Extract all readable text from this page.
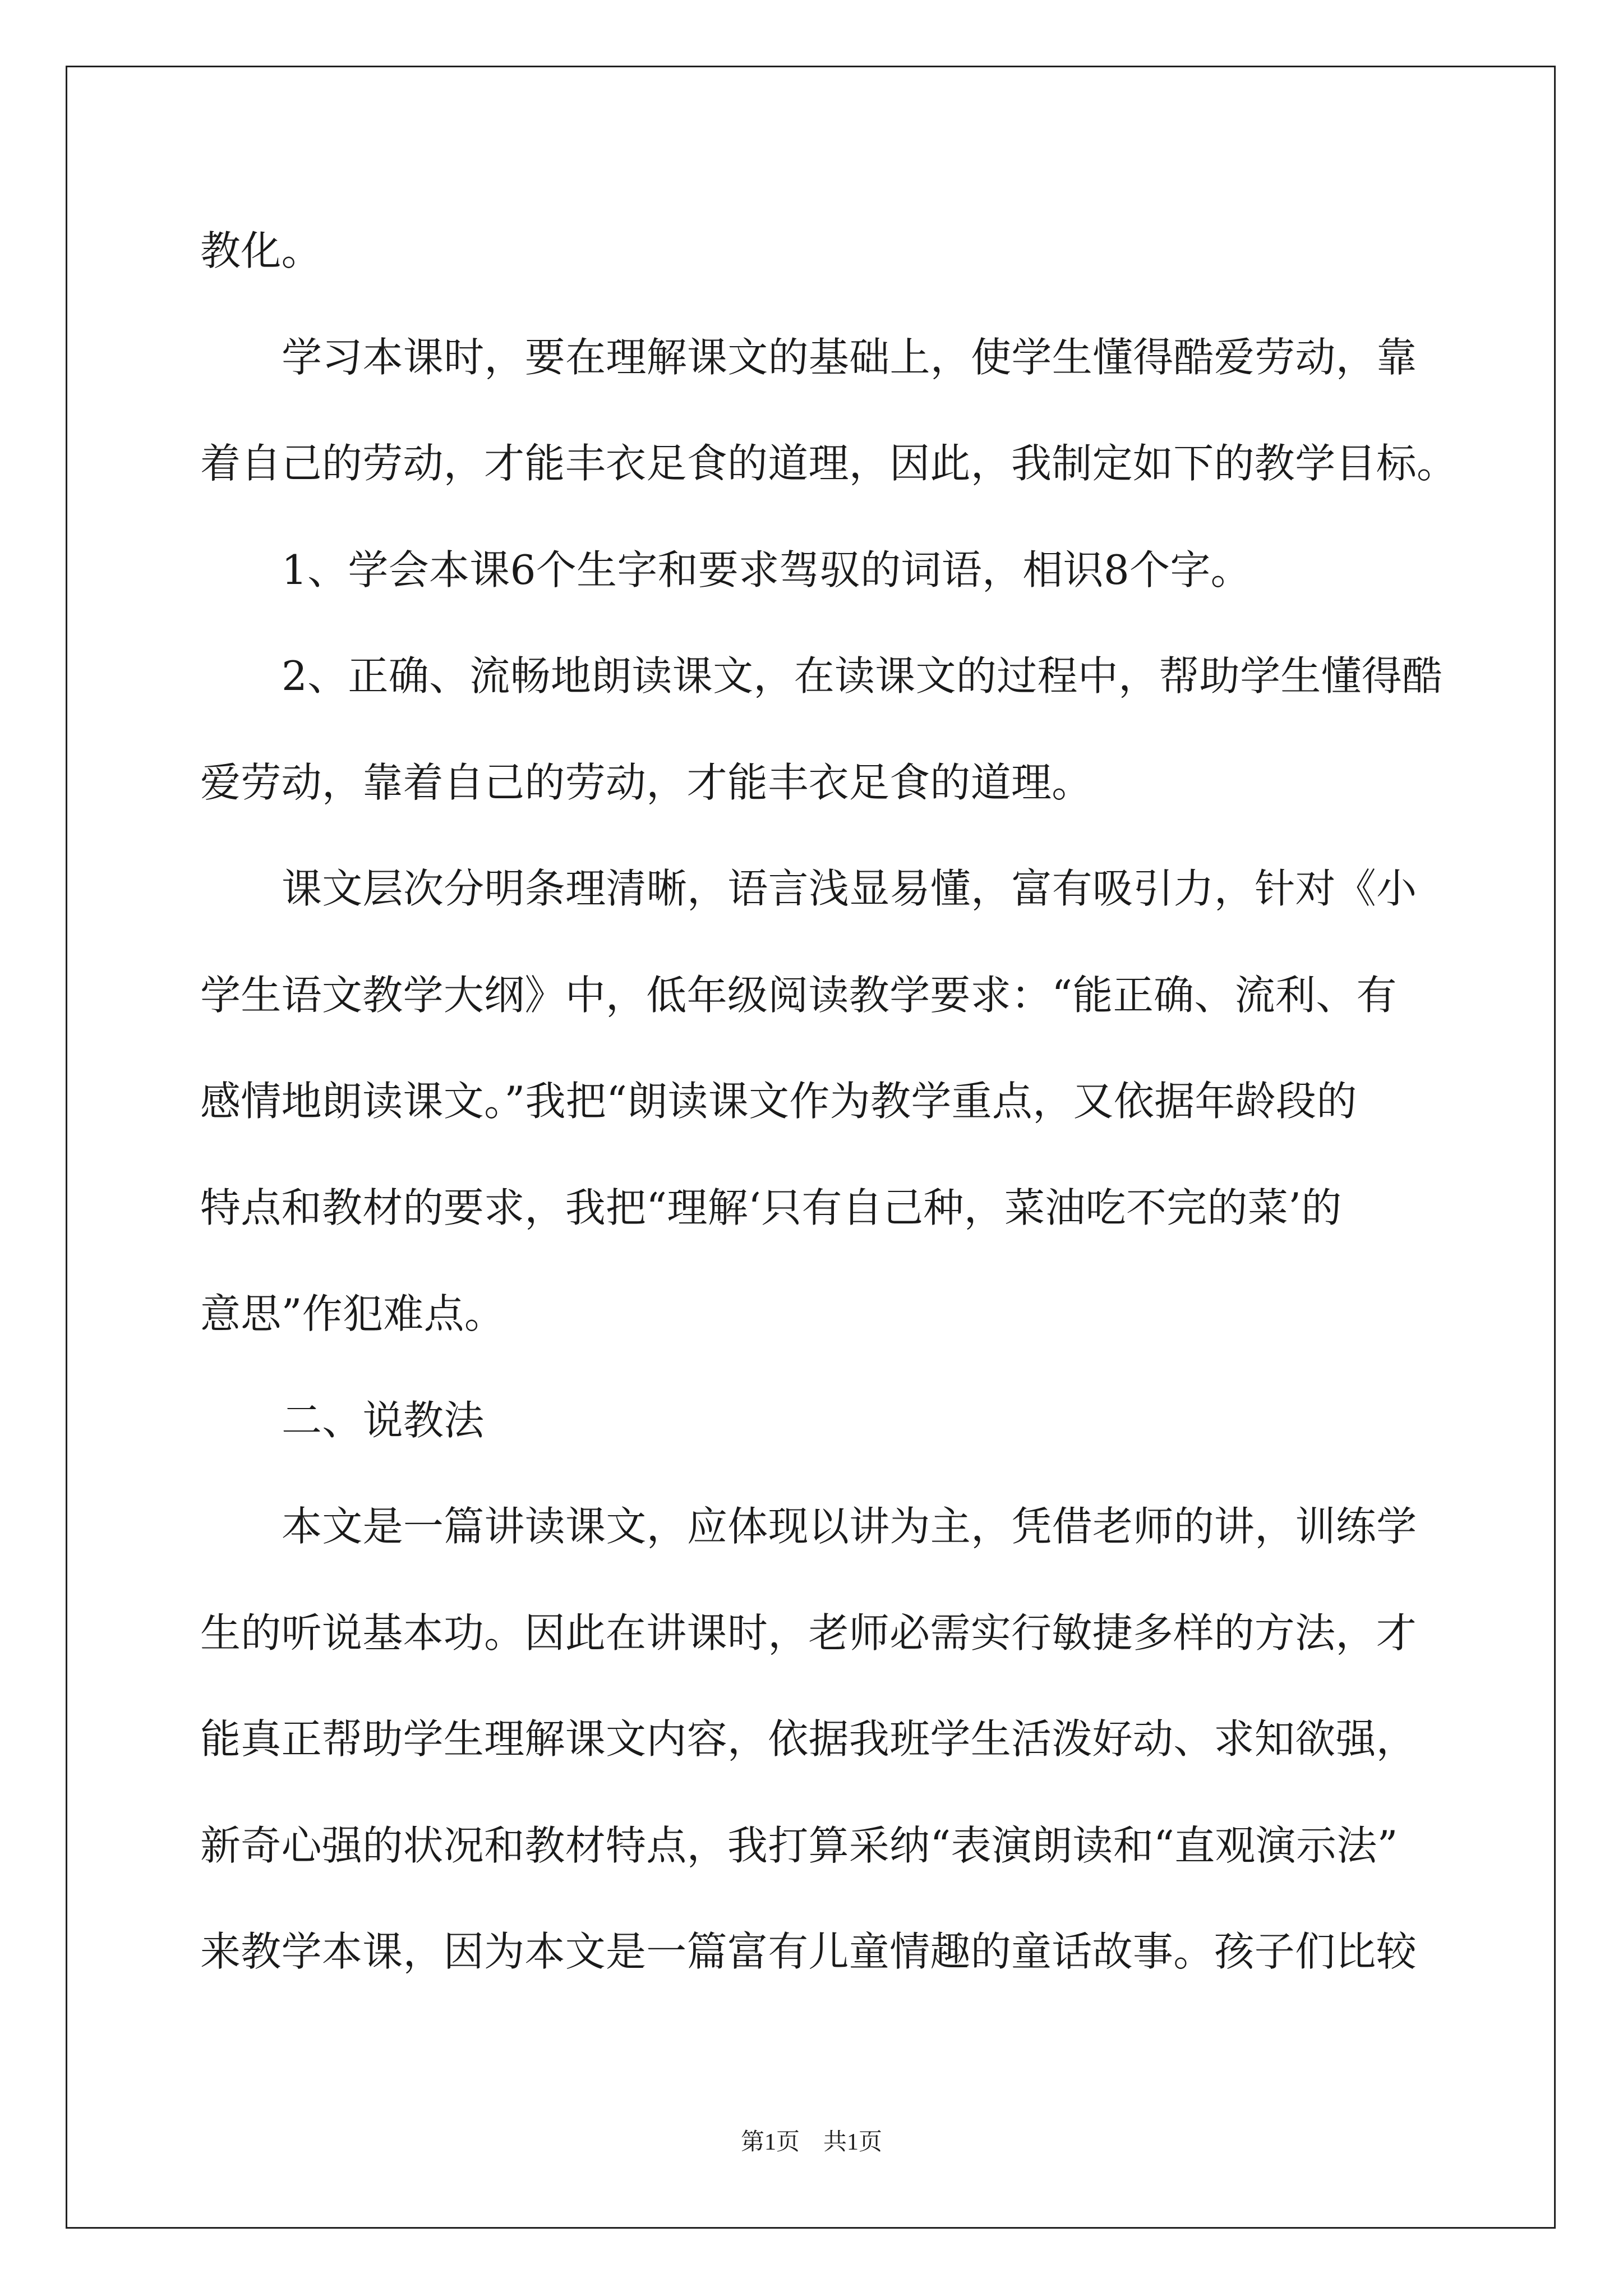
教化。
学习本课时，要在理解课文的基础上，使学生懂得酷爱劳动，靠
着自己的劳动，才能丰衣足食的道理，因此，我制定如下的教学目标。
1、学会本课6个生字和要求驾驭的词语，相识8个字。
2、正确、流畅地朗读课文，在读课文的过程中，帮助学生懂得酷
爱劳动，靠着自己的劳动，才能丰衣足食的道理。
课文层次分明条理清晰，语言浅显易懂，富有吸引力，针对《小
学生语文教学大纲》中，低年级阅读教学要求：“能正确、流利、有
感情地朗读课文。”我把“朗读课文作为教学重点，又依据年龄段的
特点和教材的要求，我把“理解‘只有自己种，菜油吃不完的菜’的
意思”作犯难点。
二、说教法
本文是一篇讲读课文，应体现以讲为主，凭借老师的讲，训练学
生的听说基本功。因此在讲课时，老师必需实行敏捷多样的方法，才
能真正帮助学生理解课文内容，依据我班学生活泼好动、求知欲强，
新奇心强的状况和教材特点，我打算采纳“表演朗读和“直观演示法”
来教学本课，因为本文是一篇富有儿童情趣的童话故事。孩子们比较
第1页　共1页
